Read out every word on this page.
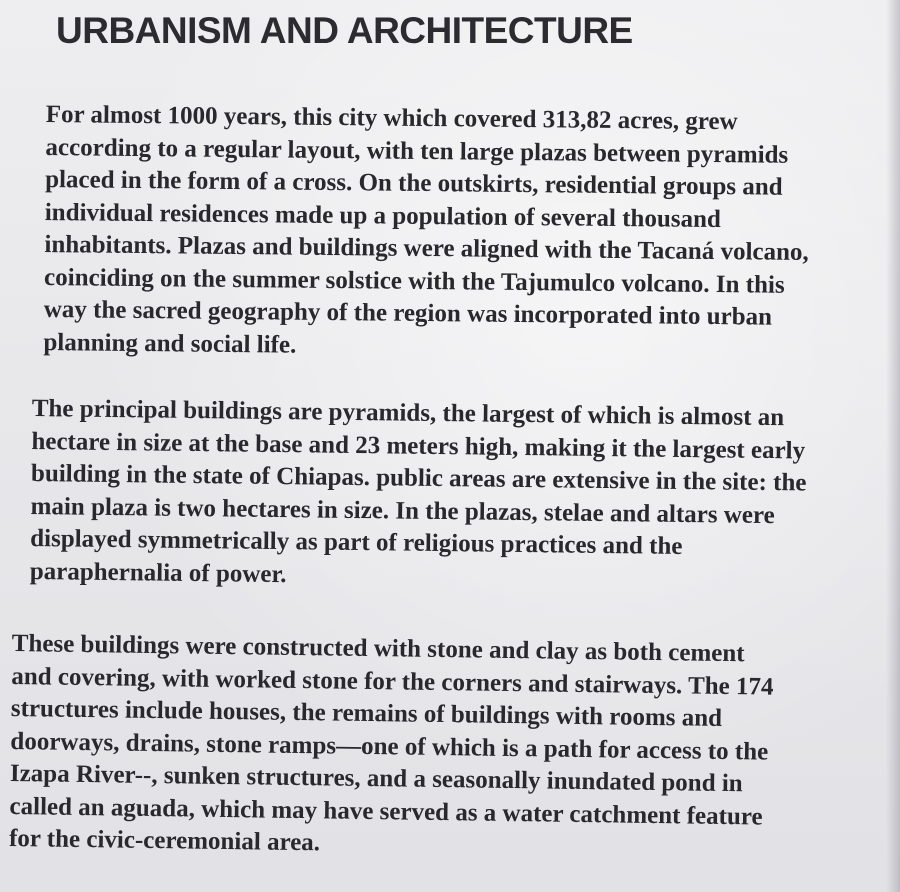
URBANISM AND ARCHITECTURE

For almost 1000 years, this city which covered 313,82 acres, grew
according to a regular layout, with ten large plazas between pyramids
placed in the form of a cross. On the outskirts, residential groups and
individual residences made up a population of several thousand
inhabitants. Plazas and buildings were aligned with the Tacaná volcano,
coinciding on the summer solstice with the Tajumulco volcano. In this
way the sacred geography of the region was incorporated into urban
planning and social life.

The principal buildings are pyramids, the largest of which is almost an
hectare in size at the base and 23 meters high, making it the largest early
building in the state of Chiapas. public areas are extensive in the site: the
main plaza is two hectares in size. In the plazas, stelae and altars were
displayed symmetrically as part of religious practices and the
paraphernalia of power.

These buildings were constructed with stone and clay as both cement
and covering, with worked stone for the corners and stairways. The 174
structures include houses, the remains of buildings with rooms and
doorways, drains, stone ramps—one of which is a path for access to the
Izapa River--, sunken structures, and a seasonally inundated pond in
called an aguada, which may have served as a water catchment feature
for the civic-ceremonial area.
